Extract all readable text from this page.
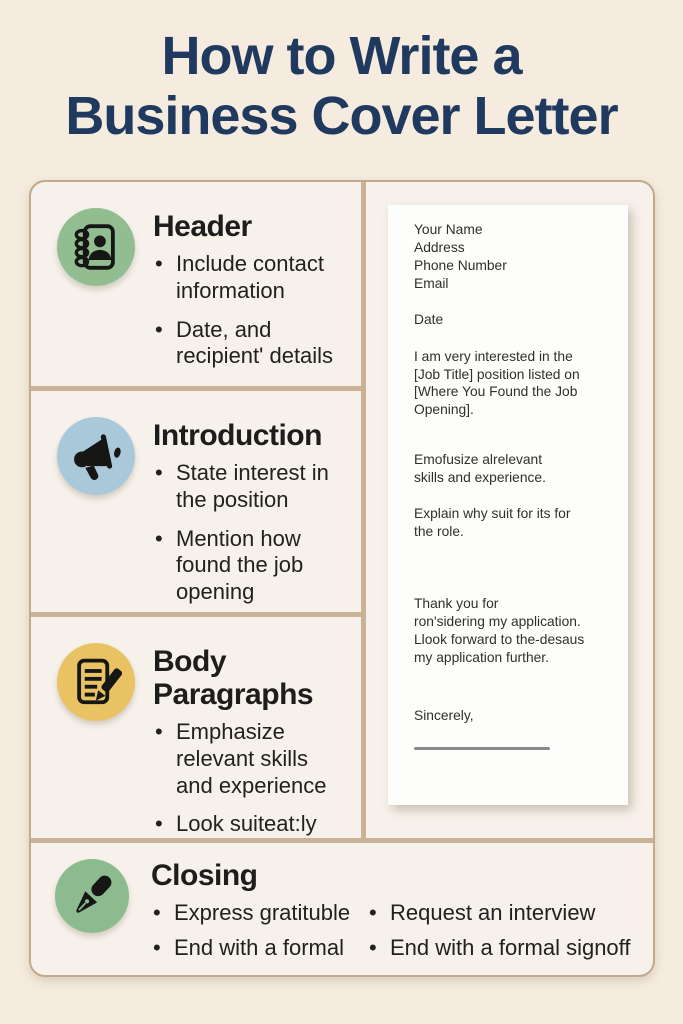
How to Write a
Business Cover Letter
Header
• Include contact information
• Date, and recipient' details
Your Name
Address
Phone Number
Email
Date
I am very interested in the
[Job Title] position listed on
[Where You Found the Job
Opening].
Emofusize alrelevant
skills and experience.
Explain why suit for its for
the role.
Thank you for
ron'sidering my application.
Llook forward to the-desaus
my application further.
Sincerely,
Introduction
• State interest in the position
• Mention how found the job opening
Body Paragraphs
• Emphasize relevant skills and experience
• Look suiteat:ly
Closing
• Express gratituble
• End with a formal
• Request an interview
• End with a formal signoff
